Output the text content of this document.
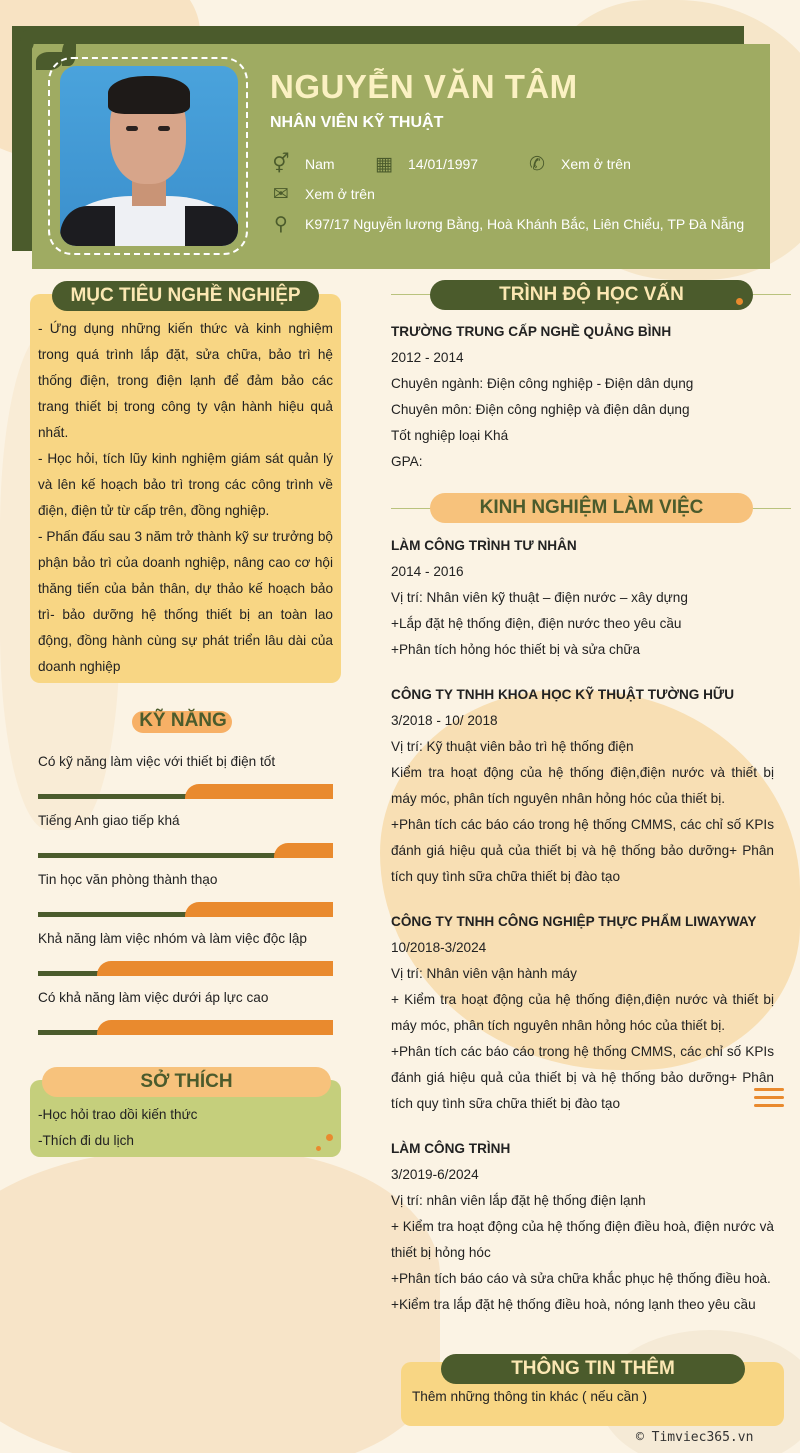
NGUYỄN VĂN TÂM
NHÂN VIÊN KỸ THUẬT
⚥ Nam ▦ 14/01/1997	✆ Xem ở trên
✉ Xem ở trên
⚲ K97/17 Nguyễn lương Bằng, Hoà Khánh Bắc, Liên Chiểu, TP Đà Nẵng
MỤC TIÊU NGHỀ NGHIỆP

- Ứng dụng những kiến thức và kinh nghiệm trong quá trình lắp đặt, sửa chữa, bảo trì hệ thống điện, trong điện lạnh để đảm bảo các trang thiết bị trong công ty vận hành hiệu quả nhất.

- Học hỏi, tích lũy kinh nghiệm giám sát quản lý và lên kế hoạch bảo trì trong các công trình về điện, điện tử từ cấp trên, đồng nghiệp.

- Phấn đấu sau 3 năm trở thành kỹ sư trưởng bộ phận bảo trì của doanh nghiệp, nâng cao cơ hội thăng tiến của bản thân, dự thảo kế hoạch bảo trì- bảo dưỡng hệ thống thiết bị an toàn lao động, đồng hành cùng sự phát triển lâu dài của doanh nghiệp

KỸ NĂNG
Có kỹ năng làm việc với thiết bị điện tốt
Tiếng Anh giao tiếp khá
Tin học văn phòng thành thạo
Khả năng làm việc nhóm và làm việc độc lập
Có khả năng làm việc dưới áp lực cao
SỞ THÍCH
-Học hỏi trao dồi kiến thức
-Thích đi du lịch
TRÌNH ĐỘ HỌC VẤN
TRƯỜNG TRUNG CẤP NGHỀ QUẢNG BÌNH
2012 - 2014
Chuyên ngành: Điện công nghiệp - Điện dân dụng
Chuyên môn: Điện công nghiệp và điện dân dụng
Tốt nghiệp loại Khá
GPA:
KINH NGHIỆM LÀM VIỆC
LÀM CÔNG TRÌNH TƯ NHÂN
2014 - 2016
Vị trí: Nhân viên kỹ thuật – điện nước – xây dựng
+Lắp đặt hệ thống điện, điện nước theo yêu cầu
+Phân tích hỏng hóc thiết bị và sửa chữa
CÔNG TY TNHH KHOA HỌC KỸ THUẬT TƯỜNG HỮU
3/2018 - 10/ 2018
Vị trí: Kỹ thuật viên bảo trì hệ thống điện
Kiểm tra hoạt động của hệ thống điện,điện nước và thiết bị máy móc, phân tích nguyên nhân hỏng hóc của thiết bị.
+Phân tích các báo cáo trong hệ thống CMMS, các chỉ số KPIs đánh giá hiệu quả của thiết bị và hệ thống bảo dưỡng+ Phân tích quy tình sữa chữa thiết bị đào tạo
CÔNG TY TNHH CÔNG NGHIỆP THỰC PHẨM LIWAYWAY
10/2018-3/2024
Vị trí: Nhân viên vận hành máy
+ Kiểm tra hoạt động của hệ thống điện,điện nước và thiết bị máy móc, phân tích nguyên nhân hỏng hóc của thiết bị.
+Phân tích các báo cáo trong hệ thống CMMS, các chỉ số KPIs đánh giá hiệu quả của thiết bị và hệ thống bảo dưỡng+ Phân tích quy tình sữa chữa thiết bị đào tạo
LÀM CÔNG TRÌNH
3/2019-6/2024
Vị trí: nhân viên lắp đặt hệ thống điện lạnh
+ Kiểm tra hoạt động của hệ thống điện điều hoà, điện nước và thiết bị hỏng hóc
+Phân tích báo cáo và sửa chữa khắc phục hệ thống điều hoà.
+Kiểm tra lắp đặt hệ thống điều hoà, nóng lạnh theo yêu cầu
THÔNG TIN THÊM
Thêm những thông tin khác ( nếu cần )
© Timviec365.vn
